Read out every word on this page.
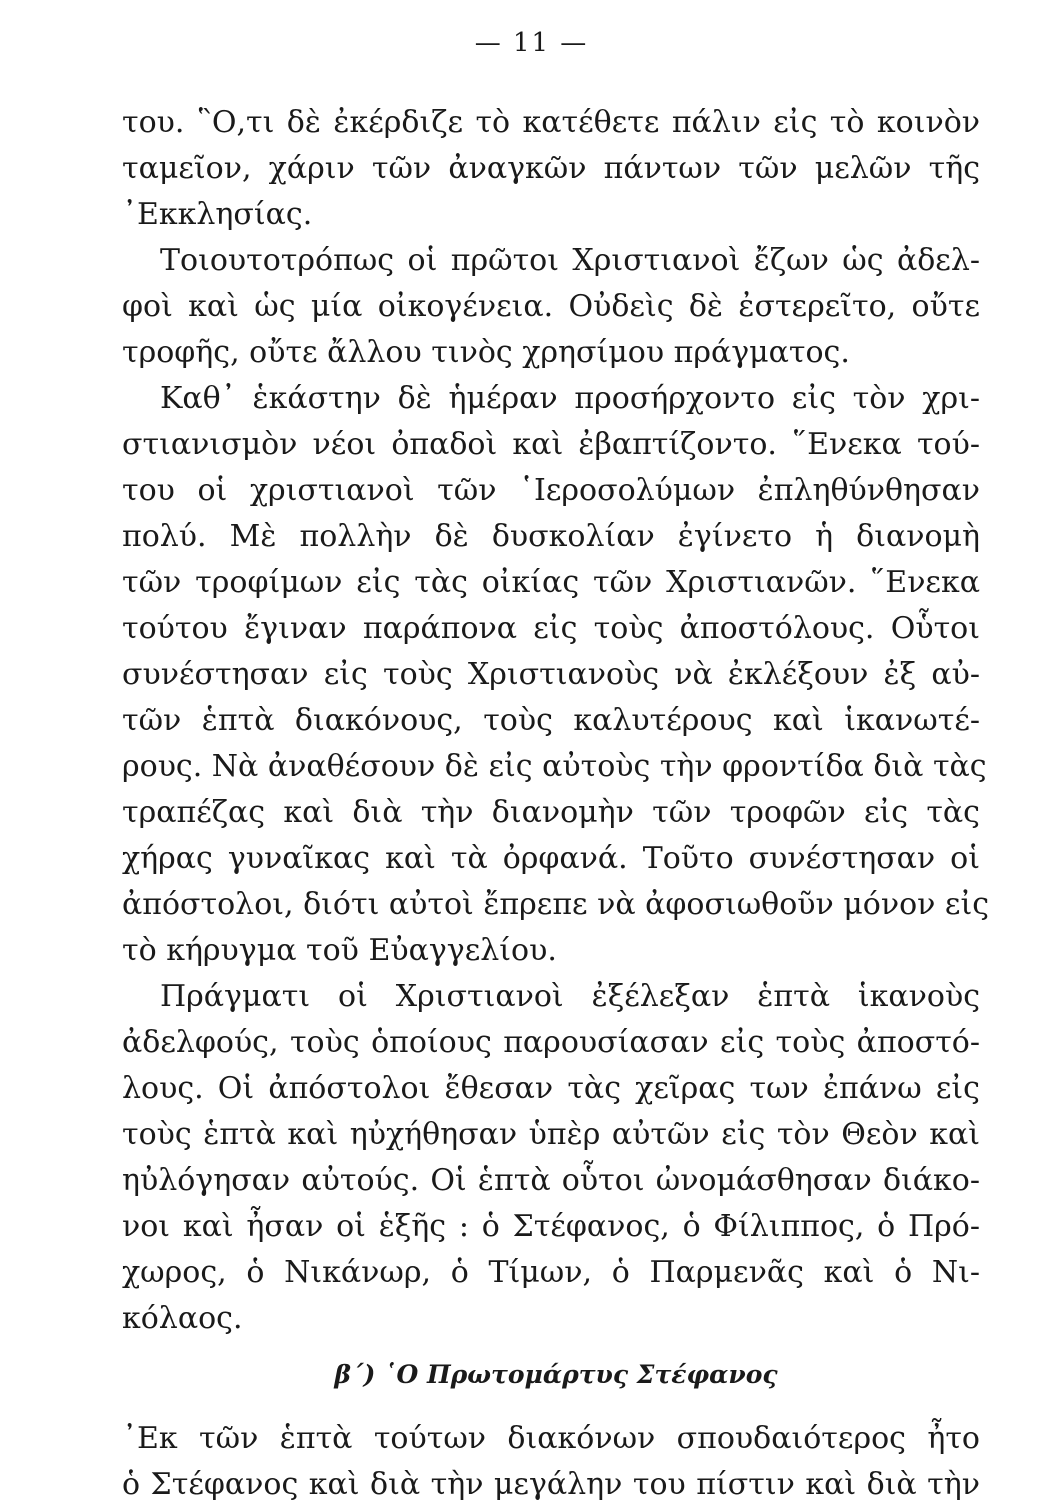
— 11 —
του. ῝Ο,τι δὲ ἐκέρδιζε τὸ κατέθετε πάλιν εἰς τὸ κοινὸν
ταμεῖον, χάριν τῶν ἀναγκῶν πάντων τῶν μελῶν τῆς
᾽Εκκλησίας.
Τοιουτοτρόπως οἱ πρῶτοι Χριστιανοὶ ἔζων ὡς ἀδελ-
φοὶ καὶ ὡς μία οἰκογένεια. Οὐδεὶς δὲ ἐστερεῖτο, οὔτε
τροφῆς, οὔτε ἄλλου τινὸς χρησίμου πράγματος.
Καθ᾽ ἑκάστην δὲ ἡμέραν προσήρχοντο εἰς τὸν χρι-
στιανισμὸν νέοι ὀπαδοὶ καὶ ἐβαπτίζοντο. ῞Ενεκα τού-
του οἱ χριστιανοὶ τῶν ῾Ιεροσολύμων ἐπληθύνθησαν
πολύ. Μὲ πολλὴν δὲ δυσκολίαν ἐγίνετο ἡ διανομὴ
τῶν τροφίμων εἰς τὰς οἰκίας τῶν Χριστιανῶν. ῞Ενεκα
τούτου ἔγιναν παράπονα εἰς τοὺς ἀποστόλους. Οὗτοι
συνέστησαν εἰς τοὺς Χριστιανοὺς νὰ ἐκλέξουν ἐξ αὐ-
τῶν ἑπτὰ διακόνους, τοὺς καλυτέρους καὶ ἱκανωτέ-
ρους. Νὰ ἀναθέσουν δὲ εἰς αὐτοὺς τὴν φροντίδα διὰ τὰς
τραπέζας καὶ διὰ τὴν διανομὴν τῶν τροφῶν εἰς τὰς
χήρας γυναῖκας καὶ τὰ ὀρφανά. Τοῦτο συνέστησαν οἱ
ἀπόστολοι, διότι αὐτοὶ ἔπρεπε νὰ ἀφοσιωθοῦν μόνον εἰς
τὸ κήρυγμα τοῦ Εὐαγγελίου.
Πράγματι οἱ Χριστιανοὶ ἐξέλεξαν ἑπτὰ ἱκανοὺς
ἀδελφούς, τοὺς ὁποίους παρουσίασαν εἰς τοὺς ἀποστό-
λους. Οἱ ἀπόστολοι ἔθεσαν τὰς χεῖρας των ἐπάνω εἰς
τοὺς ἑπτὰ καὶ ηὐχήθησαν ὑπὲρ αὐτῶν εἰς τὸν Θεὸν καὶ
ηὐλόγησαν αὐτούς. Οἱ ἑπτὰ οὗτοι ὠνομάσθησαν διάκο-
νοι καὶ ἦσαν οἱ ἑξῆς : ὁ Στέφανος, ὁ Φίλιππος, ὁ Πρό-
χωρος, ὁ Νικάνωρ, ὁ Τίμων, ὁ Παρμενᾶς καὶ ὁ Νι-
κόλαος.
β΄) ῾Ο Πρωτομάρτυς Στέφανος
᾽Εκ τῶν ἑπτὰ τούτων διακόνων σπουδαιότερος ἦτο
ὁ Στέφανος καὶ διὰ τὴν μεγάλην του πίστιν καὶ διὰ τὴν
